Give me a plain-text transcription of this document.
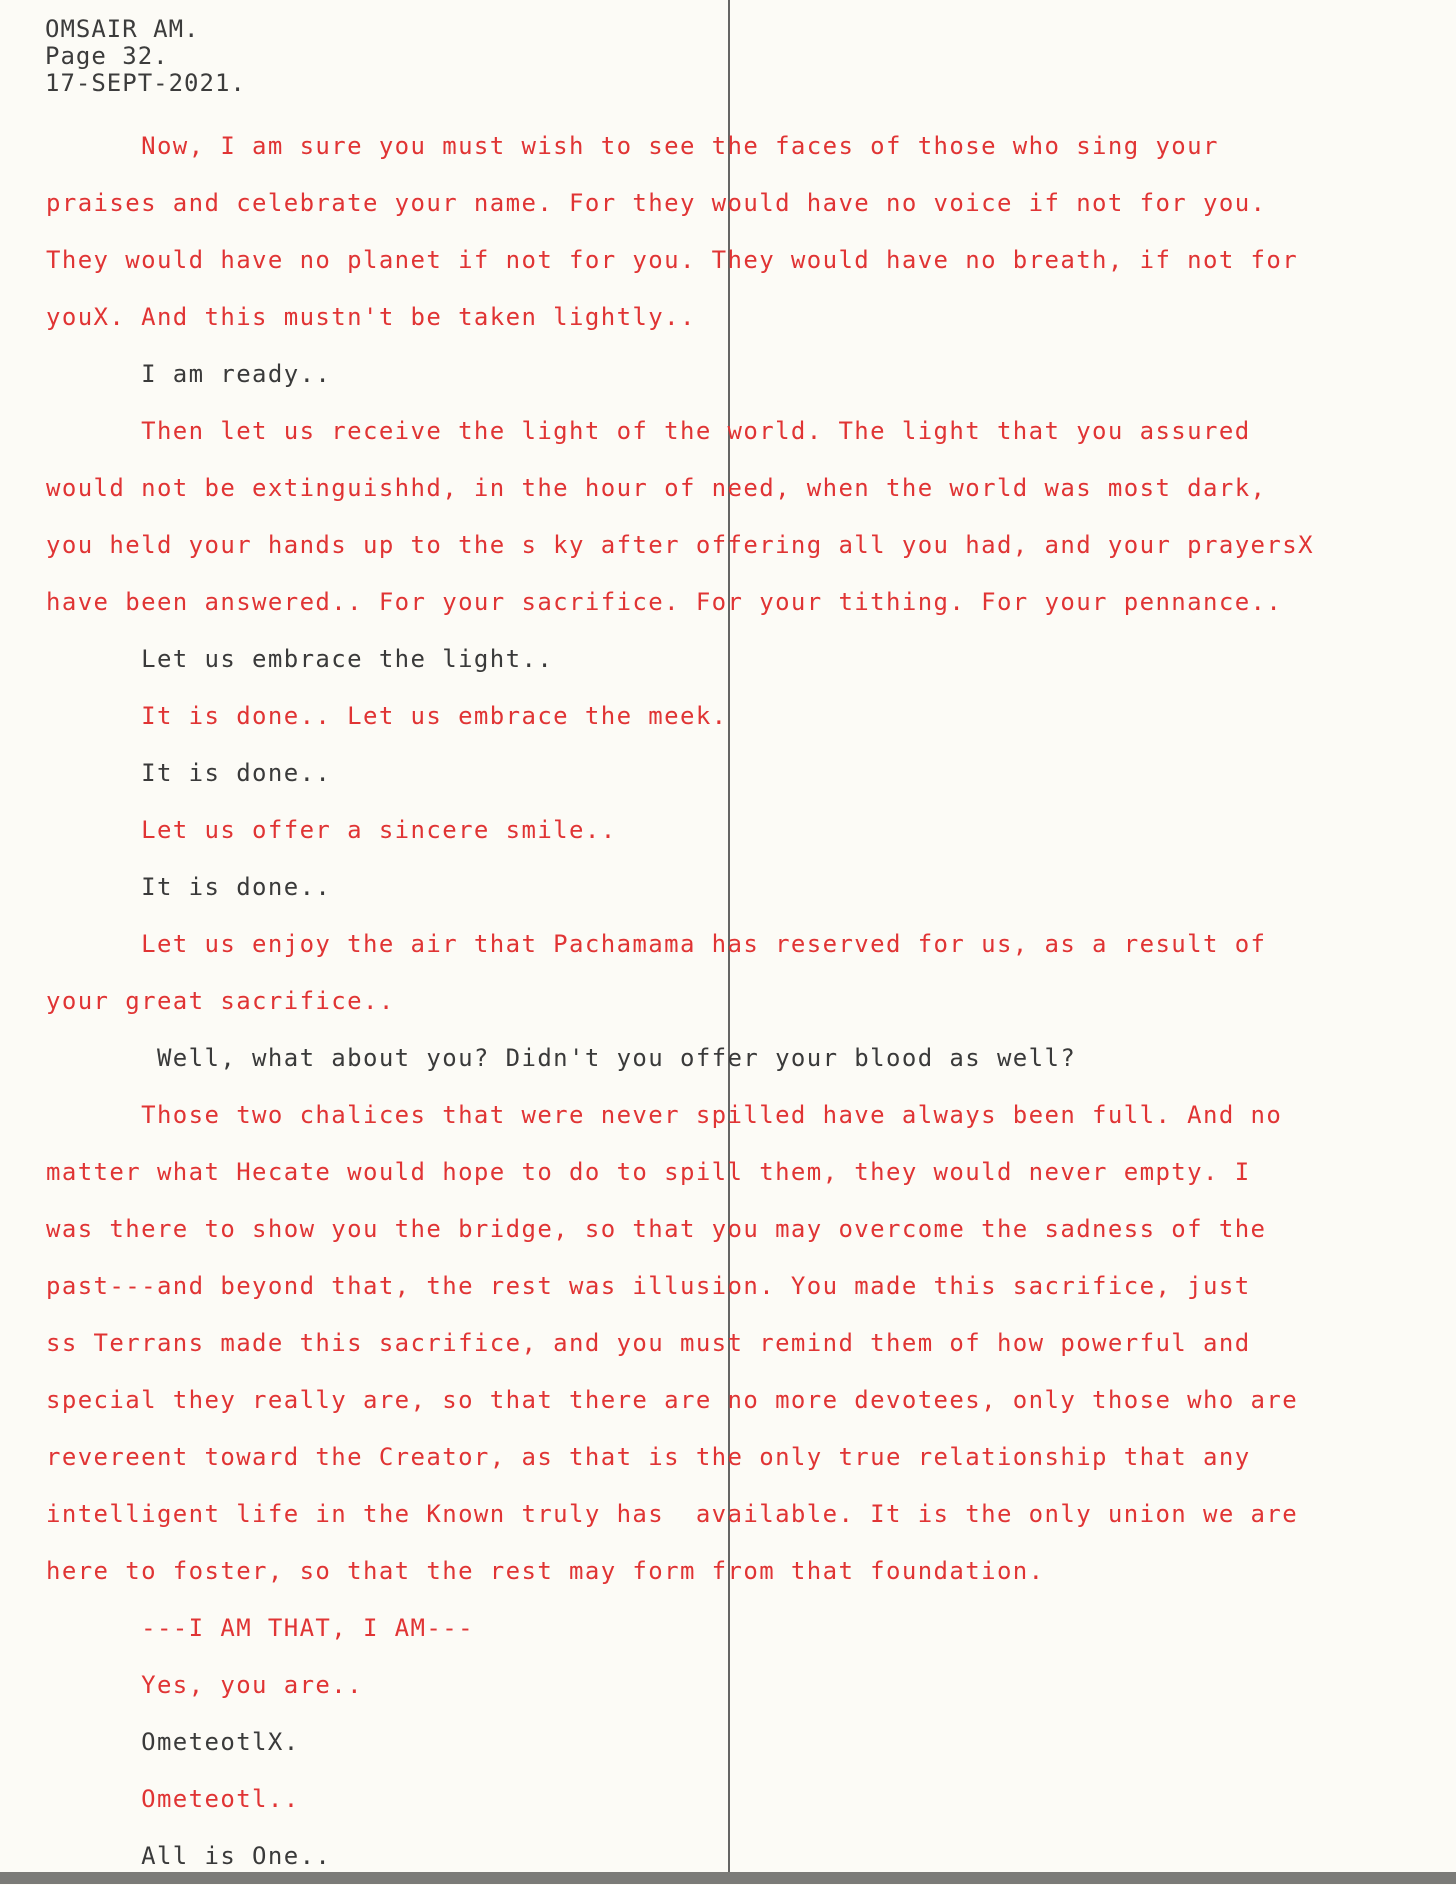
OMSAIR AM.
Page 32.
17-SEPT-2021.
Now, I am sure you must wish to see the faces of those who sing your
praises and celebrate your name. For they would have no voice if not for you.
They would have no planet if not for you. They would have no breath, if not for
youX. And this mustn't be taken lightly..
I am ready..
Then let us receive the light of the world. The light that you assured
would not be extinguishhd, in the hour of need, when the world was most dark,
you held your hands up to the s ky after offering all you had, and your prayersX
have been answered.. For your sacrifice. For your tithing. For your pennance..
Let us embrace the light..
It is done.. Let us embrace the meek.
It is done..
Let us offer a sincere smile..
It is done..
Let us enjoy the air that Pachamama has reserved for us, as a result of
your great sacrifice..
Well, what about you? Didn't you offer your blood as well?
Those two chalices that were never spilled have always been full. And no
matter what Hecate would hope to do to spill them, they would never empty. I
was there to show you the bridge, so that you may overcome the sadness of the
past---and beyond that, the rest was illusion. You made this sacrifice, just
ss Terrans made this sacrifice, and you must remind them of how powerful and
special they really are, so that there are no more devotees, only those who are
revereent toward the Creator, as that is the only true relationship that any
intelligent life in the Known truly has  available. It is the only union we are
here to foster, so that the rest may form from that foundation.
---I AM THAT, I AM---
Yes, you are..
OmeteotlX.
Ometeotl..
All is One..
